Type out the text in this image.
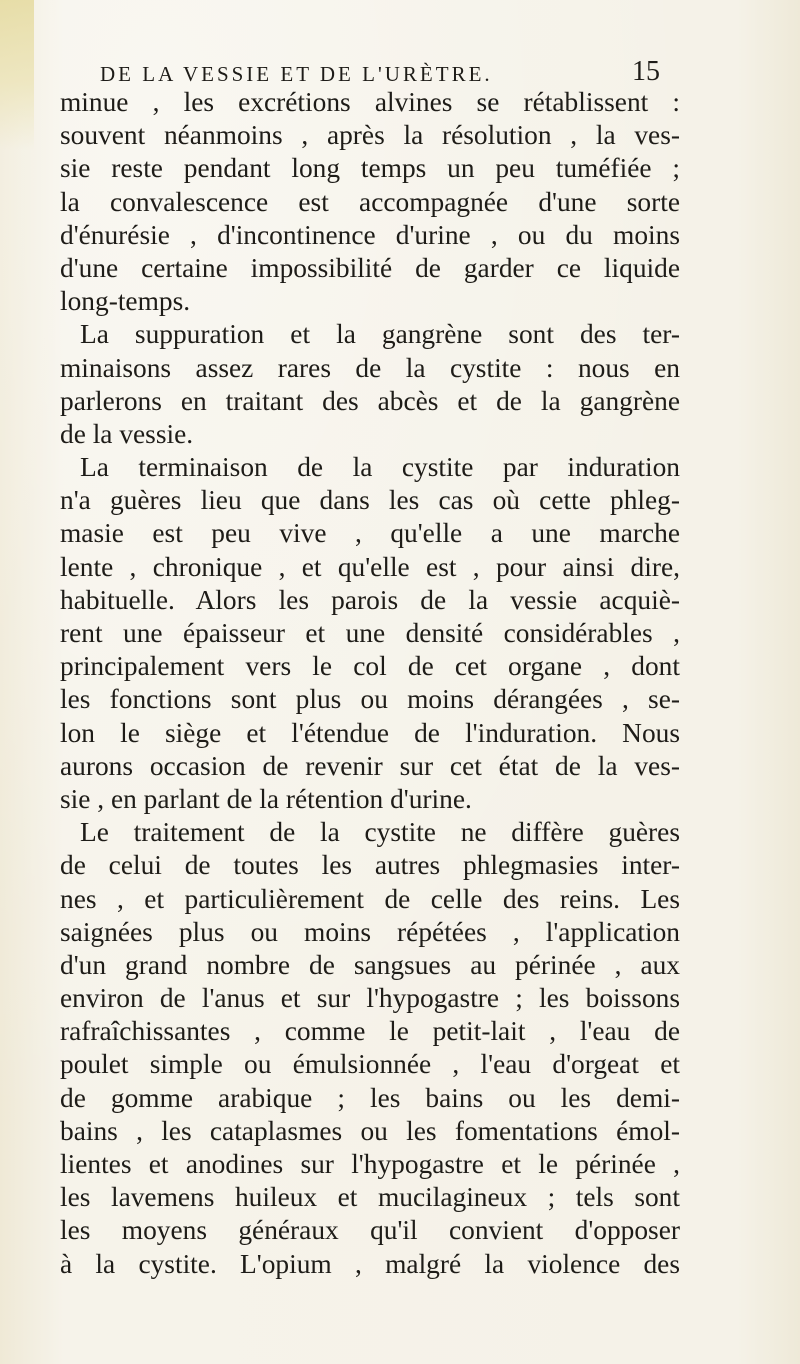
DE LA VESSIE ET DE L'URÈTRE.	15
minue , les excrétions alvines se rétablissent :
souvent néanmoins , après la résolution , la ves-
sie reste pendant long temps un peu tuméfiée ;
la convalescence est accompagnée d'une sorte
d'énurésie , d'incontinence d'urine , ou du moins
d'une certaine impossibilité de garder ce liquide
long-temps.
La suppuration et la gangrène sont des ter-
minaisons assez rares de la cystite : nous en
parlerons en traitant des abcès et de la gangrène
de la vessie.
La terminaison de la cystite par induration
n'a guères lieu que dans les cas où cette phleg-
masie est peu vive , qu'elle a une marche
lente , chronique , et qu'elle est , pour ainsi dire,
habituelle. Alors les parois de la vessie acquiè-
rent une épaisseur et une densité considérables ,
principalement vers le col de cet organe , dont
les fonctions sont plus ou moins dérangées , se-
lon le siège et l'étendue de l'induration. Nous
aurons occasion de revenir sur cet état de la ves-
sie , en parlant de la rétention d'urine.
Le traitement de la cystite ne diffère guères
de celui de toutes les autres phlegmasies inter-
nes , et particulièrement de celle des reins. Les
saignées plus ou moins répétées , l'application
d'un grand nombre de sangsues au périnée , aux
environ de l'anus et sur l'hypogastre ; les boissons
rafraîchissantes , comme le petit-lait , l'eau de
poulet simple ou émulsionnée , l'eau d'orgeat et
de gomme arabique ; les bains ou les demi-
bains , les cataplasmes ou les fomentations émol-
lientes et anodines sur l'hypogastre et le périnée ,
les lavemens huileux et mucilagineux ; tels sont
les moyens généraux qu'il convient d'opposer
à la cystite. L'opium , malgré la violence des
